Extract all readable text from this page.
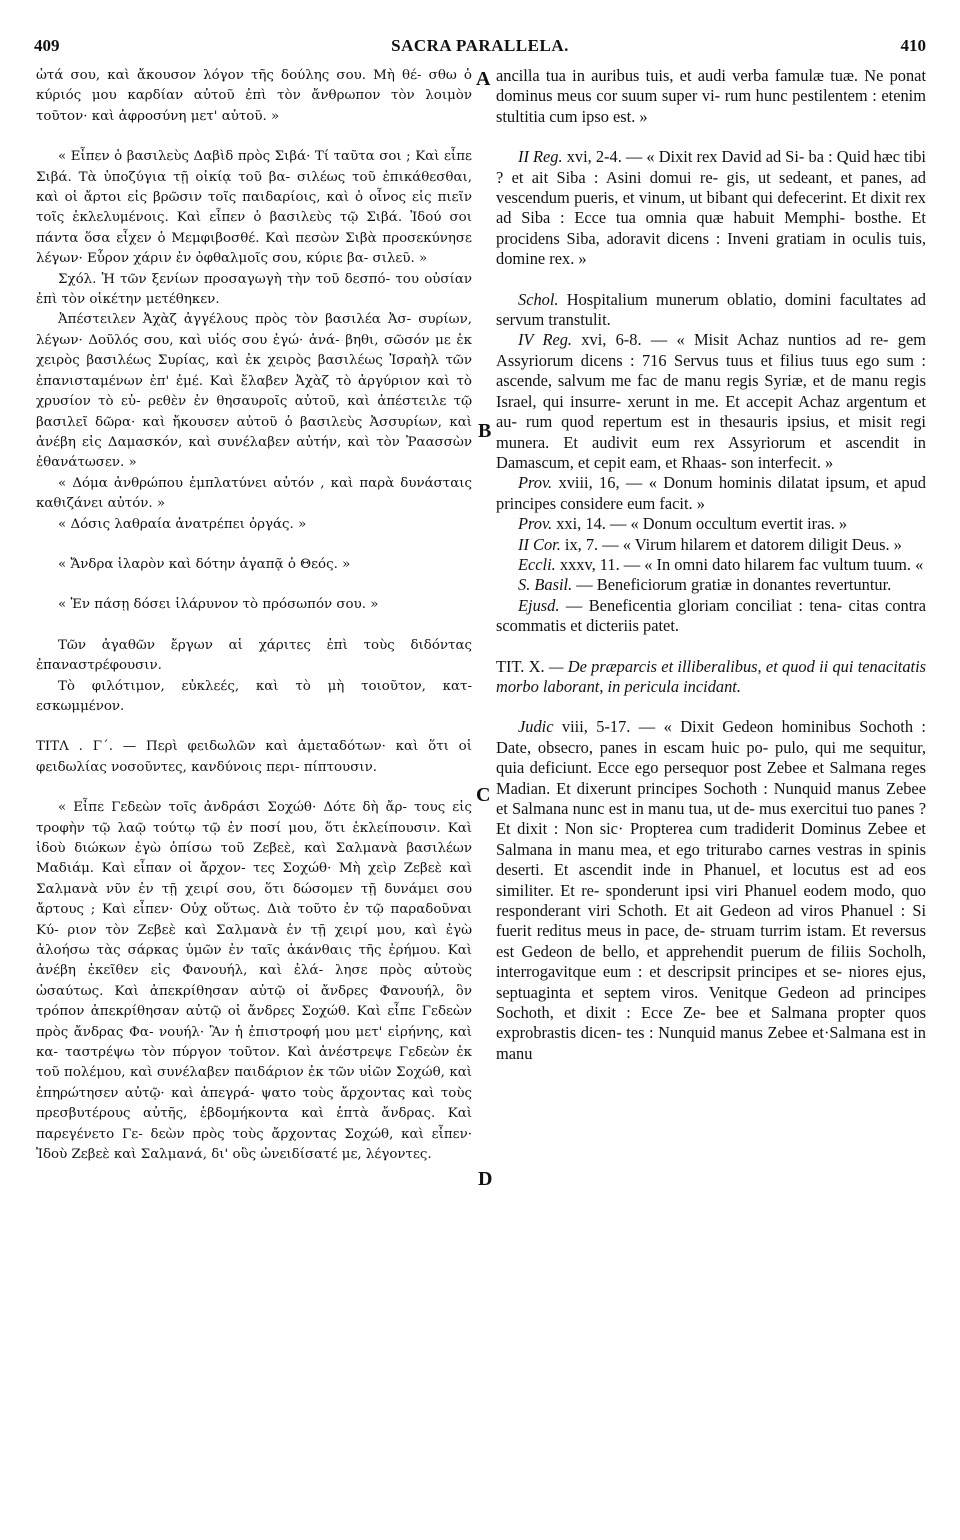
409	SACRA PARALLELA.	410
A
B
C
D

ὠτά σου, καὶ ἄκουσον λόγον τῆς δούλης σου. Μὴ θέ- σθω ὁ κύριός μου καρδίαν αὐτοῦ ἐπὶ τὸν ἄνθρωπον τὸν λοιμὸν τοῦτον· καὶ ἀφροσύνη μετ' αὐτοῦ. »

« Εἶπεν ὁ βασιλεὺς Δαβὶδ πρὸς Σιβά· Τί ταῦτα σοι ; Καὶ εἶπε Σιβά. Τὰ ὑποζύγια τῇ οἰκίᾳ τοῦ βα- σιλέως τοῦ ἐπικάθεσθαι, καὶ οἱ ἄρτοι εἰς βρῶσιν τοῖς παιδαρίοις, καὶ ὁ οἶνος εἰς πιεῖν τοῖς ἐκλελυμένοις. Καὶ εἶπεν ὁ βασιλεὺς τῷ Σιβά. Ἰδού σοι πάντα ὅσα εἶχεν ὁ Μεμφιβοσθέ. Καὶ πεσὼν Σιβὰ προσεκύνησε λέγων· Εὗρον χάριν ἐν ὀφθαλμοῖς σου, κύριε βα- σιλεῦ. »

Σχόλ. Ἡ τῶν ξενίων προσαγωγὴ τὴν τοῦ δεσπό- του οὐσίαν ἐπὶ τὸν οἰκέτην μετέθηκεν.

Ἀπέστειλεν Ἀχὰζ ἀγγέλους πρὸς τὸν βασιλέα Ἀσ- συρίων, λέγων· Δοῦλός σου, καὶ υἱός σου ἐγώ· ἀνά- βηθι, σῶσόν με ἐκ χειρὸς βασιλέως Συρίας, καὶ ἐκ χειρὸς βασιλέως Ἰσραὴλ τῶν ἐπανισταμένων ἐπ' ἐμέ. Καὶ ἔλαβεν Ἀχὰζ τὸ ἀργύριον καὶ τὸ χρυσίον τὸ εὑ- ρεθὲν ἐν θησαυροῖς αὐτοῦ, καὶ ἀπέστειλε τῷ βασιλεῖ δῶρα· καὶ ἤκουσεν αὐτοῦ ὁ βασιλεὺς Ἀσσυρίων, καὶ ἀνέβη εἰς Δαμασκόν, καὶ συνέλαβεν αὐτήν, καὶ τὸν Ῥαασσὼν ἐθανάτωσεν. »

« Δόμα ἀνθρώπου ἐμπλατύνει αὐτόν , καὶ παρὰ δυνάσταις καθιζάνει αὐτόν. »

« Δόσις λαθραία ἀνατρέπει ὀργάς. »

« Ἄνδρα ἱλαρὸν καὶ δότην ἀγαπᾷ ὁ Θεός. »

« Ἐν πάσῃ δόσει ἱλάρυνον τὸ πρόσωπόν σου. »

Τῶν ἀγαθῶν ἔργων αἱ χάριτες ἐπὶ τοὺς διδόντας ἐπαναστρέφουσιν.

Τὸ φιλότιμον, εὐκλεές, καὶ τὸ μὴ τοιοῦτον, κατ- εσκωμμένον.

ΤΙΤΛ . Γ΄. — Περὶ φειδωλῶν καὶ ἀμεταδότων· καὶ ὅτι οἱ φειδωλίας νοσοῦντες, κανδύνοις περι- πίπτουσιν.

« Εἶπε Γεδεὼν τοῖς ἀνδράσι Σοχώθ· Δότε δὴ ἄρ- τους εἰς τροφὴν τῷ λαῷ τούτῳ τῷ ἐν ποσί μου, ὅτι ἐκλείπουσιν. Καὶ ἰδοὺ διώκων ἐγὼ ὀπίσω τοῦ Ζεβεὲ, καὶ Σαλμανὰ βασιλέων Μαδιάμ. Καὶ εἶπαν οἱ ἄρχον- τες Σοχώθ· Μὴ χεὶρ Ζεβεὲ καὶ Σαλμανὰ νῦν ἐν τῇ χειρί σου, ὅτι δώσομεν τῇ δυνάμει σου ἄρτους ; Καὶ εἶπεν· Οὐχ οὕτως. Διὰ τοῦτο ἐν τῷ παραδοῦναι Κύ- ριον τὸν Ζεβεὲ καὶ Σαλμανὰ ἐν τῇ χειρί μου, καὶ ἐγὼ ἀλοήσω τὰς σάρκας ὑμῶν ἐν ταῖς ἀκάνθαις τῆς ἐρήμου. Καὶ ἀνέβη ἐκεῖθεν εἰς Φανουήλ, καὶ ἐλά- λησε πρὸς αὐτοὺς ὡσαύτως. Καὶ ἀπεκρίθησαν αὐτῷ οἱ ἄνδρες Φανουήλ, ὃν τρόπον ἀπεκρίθησαν αὐτῷ οἱ ἄνδρες Σοχώθ. Καὶ εἶπε Γεδεὼν πρὸς ἄνδρας Φα- νουήλ· Ἂν ἡ ἐπιστροφή μου μετ' εἰρήνης, καὶ κα- ταστρέψω τὸν πύργον τοῦτον. Καὶ ἀνέστρεψε Γεδεὼν ἐκ τοῦ πολέμου, καὶ συνέλαβεν παιδάριον ἐκ τῶν υἱῶν Σοχώθ, καὶ ἐπηρώτησεν αὐτῷ· καὶ ἀπεγρά- ψατο τοὺς ἄρχοντας καὶ τοὺς πρεσβυτέρους αὐτῆς, ἑβδομήκοντα καὶ ἑπτὰ ἄνδρας. Καὶ παρεγένετο Γε- δεὼν πρὸς τοὺς ἄρχοντας Σοχώθ, καὶ εἶπεν· Ἰδοὺ Ζεβεὲ καὶ Σαλμανά, δι' οὓς ὠνειδίσατέ με, λέγοντες.

ancilla tua in auribus tuis, et audi verba famulæ tuæ. Ne ponat dominus meus cor suum super vi- rum hunc pestilentem : etenim stultitia cum ipso est. »

II Reg. xvi, 2-4. — « Dixit rex David ad Si- ba : Quid hæc tibi ? et ait Siba : Asini domui re- gis, ut sedeant, et panes, ad vescendum pueris, et vinum, ut bibant qui defecerint. Et dixit rex ad Siba : Ecce tua omnia quæ habuit Memphi- bosthe. Et procidens Siba, adoravit dicens : Inveni gratiam in oculis tuis, domine rex. »

Schol. Hospitalium munerum oblatio, domini facultates ad servum transtulit.

IV Reg. xvi, 6-8. — « Misit Achaz nuntios ad re- gem Assyriorum dicens : 716 Servus tuus et filius tuus ego sum : ascende, salvum me fac de manu regis Syriæ, et de manu regis Israel, qui insurre- xerunt in me. Et accepit Achaz argentum et au- rum quod repertum est in thesauris ipsius, et misit regi munera. Et audivit eum rex Assyriorum et ascendit in Damascum, et cepit eam, et Rhaas- son interfecit. »

Prov. xviii, 16, — « Donum hominis dilatat ipsum, et apud principes considere eum facit. »

Prov. xxi, 14. — « Donum occultum evertit iras. »

II Cor. ix, 7. — « Virum hilarem et datorem diligit Deus. »

Eccli. xxxv, 11. — « In omni dato hilarem fac vultum tuum. «

S. Basil. — Beneficiorum gratiæ in donantes revertuntur.

Ejusd. — Beneficentia gloriam conciliat : tena- citas contra scommatis et dicteriis patet.

TIT. X. — De præparcis et illiberalibus, et quod ii qui tenacitatis morbo laborant, in pericula incidant.

Judic viii, 5-17. — « Dixit Gedeon hominibus Sochoth : Date, obsecro, panes in escam huic po- pulo, qui me sequitur, quia deficiunt. Ecce ego persequor post Zebee et Salmana reges Madian. Et dixerunt principes Sochoth : Nunquid manus Zebee et Salmana nunc est in manu tua, ut de- mus exercitui tuo panes ? Et dixit : Non sic· Propterea cum tradiderit Dominus Zebee et Salmana in manu mea, et ego triturabo carnes vestras in spinis deserti. Et ascendit inde in Phanuel, et locutus est ad eos similiter. Et re- sponderunt ipsi viri Phanuel eodem modo, quo responderant viri Schoth. Et ait Gedeon ad viros Phanuel : Si fuerit reditus meus in pace, de- struam turrim istam. Et reversus est Gedeon de bello, et apprehendit puerum de filiis Socholh, interrogavitque eum : et descripsit principes et se- niores ejus, septuaginta et septem viros. Venitque Gedeon ad principes Sochoth, et dixit : Ecce Ze- bee et Salmana propter quos exprobrastis dicen- tes : Nunquid manus Zebee et·Salmana est in manu
